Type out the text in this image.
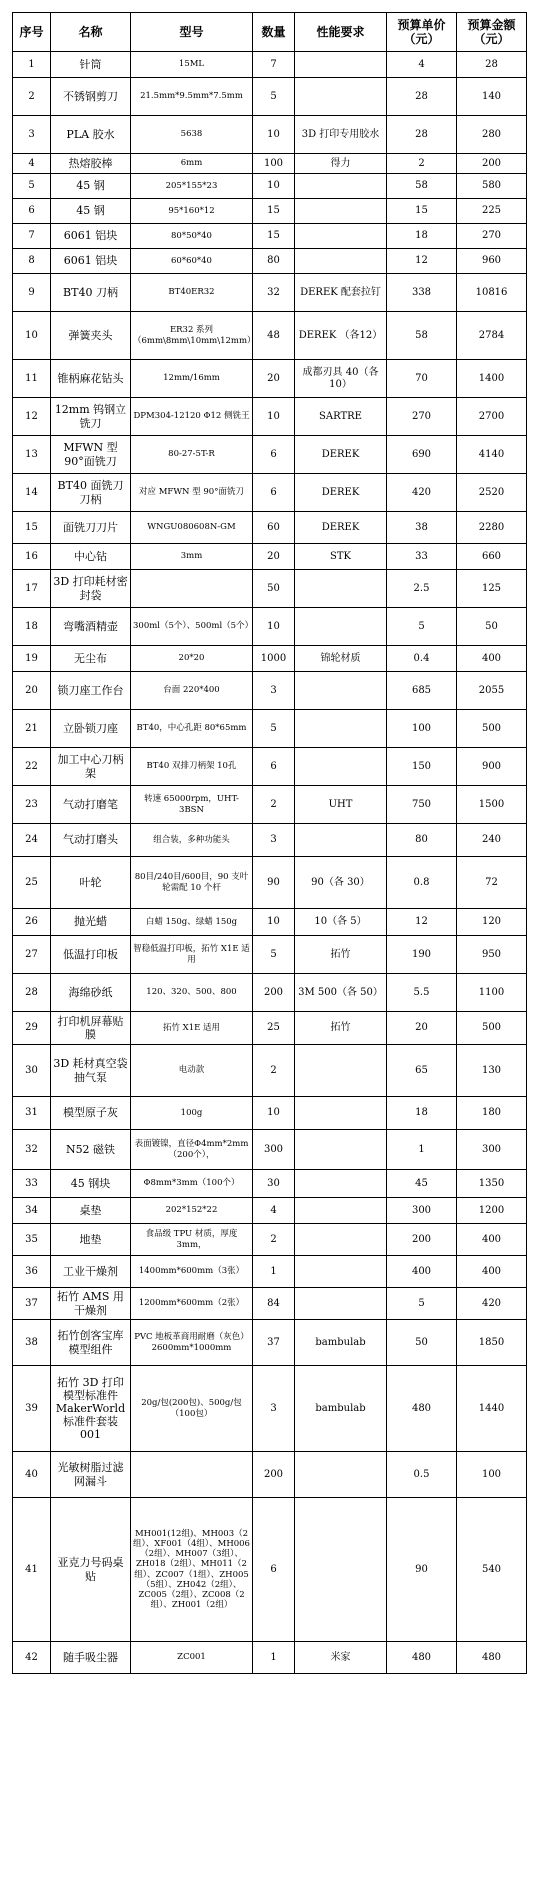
序号	名称	型号	数量	性能要求	预算单价（元）	预算金额（元）
1	针筒	15ML	7		4	28
2	不锈钢剪刀	21.5mm*9.5mm*7.5mm	5		28	140
3	PLA 胶水	5638	10	3D 打印专用胶水	28	280
4	热熔胶棒	6mm	100	得力	2	200
5	45 钢	205*155*23	10		58	580
6	45 钢	95*160*12	15		15	225
7	6061 铝块	80*50*40	15		18	270
8	6061 铝块	60*60*40	80		12	960
9	BT40 刀柄	BT40ER32	32	DEREK 配套拉钉	338	10816
10	弹簧夹头	ER32 系列（6mm\8mm\10mm\12mm）	48	DEREK （各12）	58	2784
11	锥柄麻花钻头	12mm/16mm	20	成都刃具 40（各 10）	70	1400
12	12mm 钨钢立铣刀	DPM304-12120 Φ12 侧铣王	10	SARTRE	270	2700
13	MFWN 型 90°面铣刀	80-27-5T-R	6	DEREK	690	4140
14	BT40 面铣刀刀柄	对应 MFWN 型 90°面铣刀	6	DEREK	420	2520
15	面铣刀刀片	WNGU080608N-GM	60	DEREK	38	2280
16	中心钻	3mm	20	STK	33	660
17	3D 打印耗材密封袋		50		2.5	125
18	弯嘴酒精壶	300ml（5个）、500ml（5个）	10		5	50
19	无尘布	20*20	1000	锦轮材质	0.4	400
20	锁刀座工作台	台面 220*400	3		685	2055
21	立卧锁刀座	BT40，中心孔距 80*65mm	5		100	500
22	加工中心刀柄架	BT40 双排刀柄架 10孔	6		150	900
23	气动打磨笔	转速 65000rpm，UHT-3BSN	2	UHT	750	1500
24	气动打磨头	组合装，多种功能头	3		80	240
25	叶轮	80目/240目/600目，90 支叶轮需配 10 个杆	90	90（各 30）	0.8	72
26	抛光蜡	白蜡 150g、绿蜡 150g	10	10（各 5）	12	120
27	低温打印板	智稳低温打印板，拓竹 X1E 适用	5	拓竹	190	950
28	海绵砂纸	120、320、500、800	200	3M 500（各 50）	5.5	1100
29	打印机屏幕贴膜	拓竹 X1E 适用	25	拓竹	20	500
30	3D 耗材真空袋抽气泵	电动款	2		65	130
31	模型原子灰	100g	10		18	180
32	N52 磁铁	表面镀镍，直径Φ4mm*2mm（200个），	300		1	300
33	45 钢块	Φ8mm*3mm（100个）	30		45	1350
34	桌垫	202*152*22	4		300	1200
35	地垫	食品级 TPU 材质，厚度 3mm，	2		200	400
36	工业干燥剂	1400mm*600mm（3张）	1		400	400
37	拓竹 AMS 用干燥剂	1200mm*600mm（2张）	84		5	420
38	拓竹创客宝库模型组件	PVC 地板革商用耐磨（灰色）2600mm*1000mm	37	bambulab	50	1850
39	拓竹 3D 打印模型标准件 MakerWorld 标准件套装 001	20g/包(200包)、500g/包（100包）	3	bambulab	480	1440
40	光敏树脂过滤网漏斗		200		0.5	100
41	亚克力号码桌贴	MH001(12组)、MH003（2组）、XF001（4组）、MH006（2组）、MH007（3组）、ZH018（2组）、MH011（2组）、ZC007（1组）、ZH005（5组）、ZH042（2组）、ZC005（2组）、ZC008（2组）、ZH001（2组）	6		90	540
42	随手吸尘器	ZC001	1	米家	480	480
